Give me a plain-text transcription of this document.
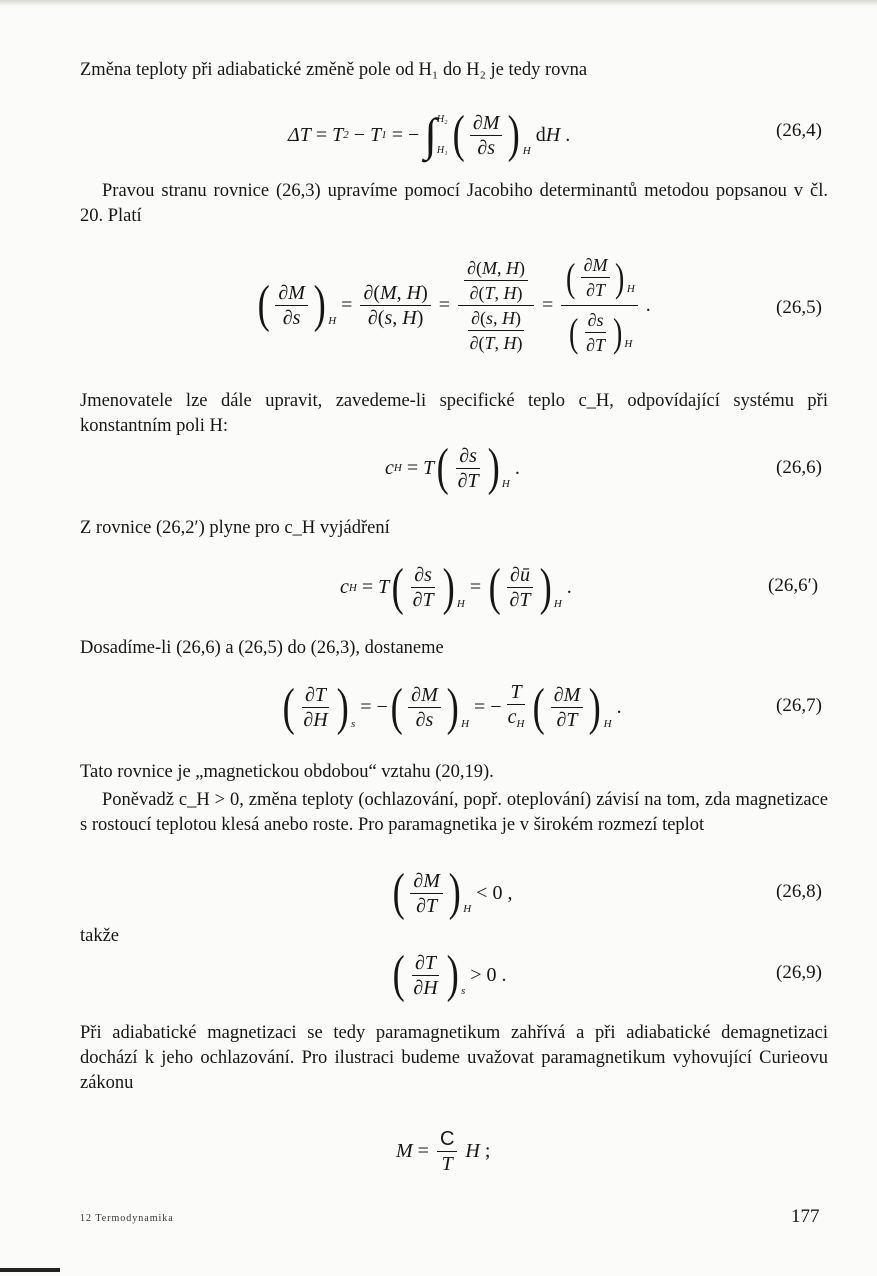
Změna teploty při adiabatické změně pole od H₁ do H₂ je tedy rovna
ΔT = T 2 − T 1 = − ∫ H₂
H₁ ( $\frac{\partial M}{\partial s}$ ) H
d H .	(26,4)
Pravou stranu rovnice (26,3) upravíme pomocí Jacobiho determinantů metodou popsanou v čl. 20. Platí
( $\frac{\partial M}{\partial s}$ ) H
= $\frac{\partial(M, H)}{\partial(s, H)} = \frac{\frac{\partial(M, H)}{\partial(T, H)}}{\frac{\partial(s, H)}{\partial(T, H)}} = \frac{( \frac{\partial M}{\partial T} ) H}{( \frac{\partial s}{\partial T} ) H}$ .	(26,5)
Jmenovatele lze dále upravit, zavedeme-li specifické teplo c_H, odpovídající systému při konstantním poli H:
c H = T ( $\frac{\partial s}{\partial T}$ ) H
.	(26,6)
Z rovnice (26,2′) plyne pro c_H vyjádření
c H = T ( $\frac{\partial s}{\partial T}$ ) H
= ( $\frac{\partial ū}{\partial T}$ ) H
.	(26,6′)
Dosadíme-li (26,6) a (26,5) do (26,3), dostaneme
( $\frac{\partial T}{\partial H}$ ) s
= − ( $\frac{\partial M}{\partial s}$ ) H
= − $\frac{T}{c_H}$ ( $\frac{\partial M}{\partial T}$ ) H
.	(26,7)
Tato rovnice je „magnetickou obdobou“ vztahu (20,19).
Poněvadž c_H > 0, změna teploty (ochlazování, popř. oteplování) závisí na tom, zda magnetizace s rostoucí teplotou klesá anebo roste. Pro paramagnetika je v širokém rozmezí teplot
( $\frac{\partial M}{\partial T}$ ) H
< 0 ,	(26,8)
takže
( $\frac{\partial T}{\partial H}$ ) s
> 0 .	(26,9)
Při adiabatické magnetizaci se tedy paramagnetikum zahřívá a při adiabatické demagnetizaci dochází k jeho ochlazování. Pro ilustraci budeme uvažovat paramagnetikum vyhovující Curieovu zákonu
$M = \frac{C}{T}$
H ;
12 Termodynamika	177
